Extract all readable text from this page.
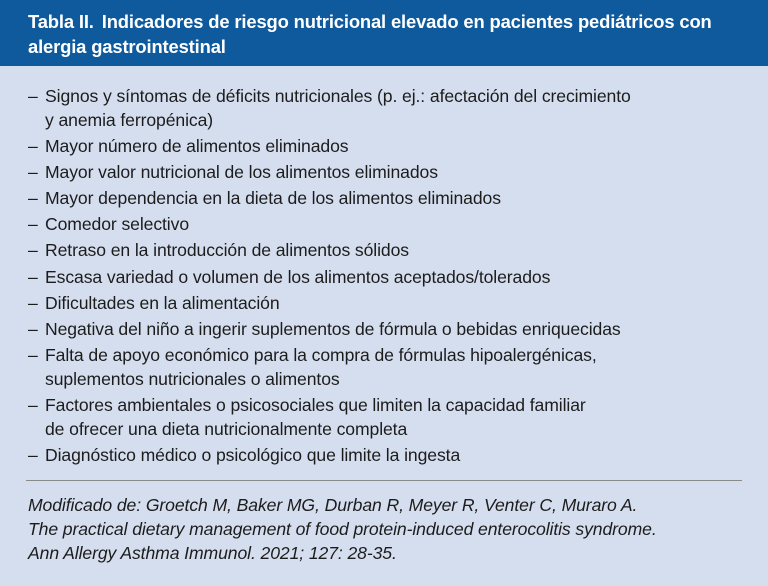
Tabla II. Indicadores de riesgo nutricional elevado en pacientes pediátricos con
alergia gastrointestinal
– Signos y síntomas de déficits nutricionales (p. ej.: afectación del crecimiento
y anemia ferropénica)
– Mayor número de alimentos eliminados
– Mayor valor nutricional de los alimentos eliminados
– Mayor dependencia en la dieta de los alimentos eliminados
– Comedor selectivo
– Retraso en la introducción de alimentos sólidos
– Escasa variedad o volumen de los alimentos aceptados/tolerados
– Dificultades en la alimentación
– Negativa del niño a ingerir suplementos de fórmula o bebidas enriquecidas
– Falta de apoyo económico para la compra de fórmulas hipoalergénicas,
suplementos nutricionales o alimentos
– Factores ambientales o psicosociales que limiten la capacidad familiar
de ofrecer una dieta nutricionalmente completa
– Diagnóstico médico o psicológico que limite la ingesta
Modificado de: Groetch M, Baker MG, Durban R, Meyer R, Venter C, Muraro A.
The practical dietary management of food protein-induced enterocolitis syndrome.
Ann Allergy Asthma Immunol. 2021; 127: 28-35.
